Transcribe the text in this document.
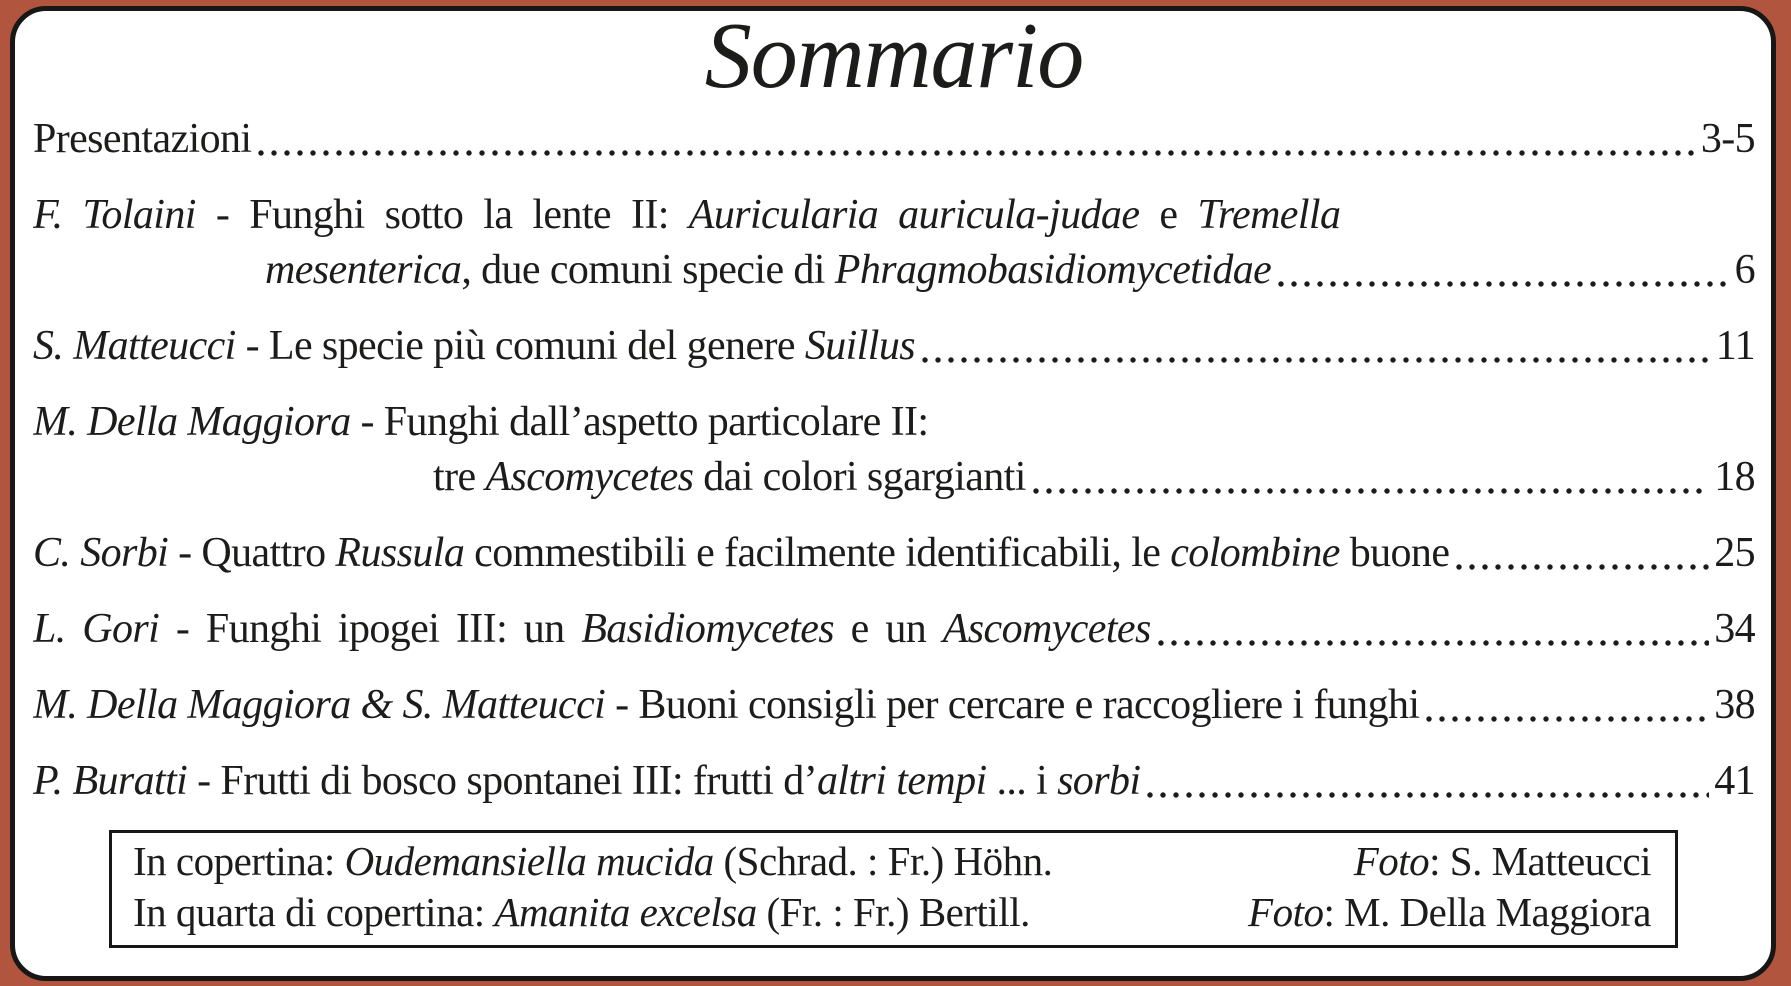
Sommario
Presentazioni	3-5
F. Tolaini - Funghi sotto la lente II: Auricularia auricula-judae e Tremella
mesenterica, due comuni specie di Phragmobasidiomycetidae	6
S. Matteucci - Le specie più comuni del genere Suillus	11
M. Della Maggiora - Funghi dall’aspetto particolare II:
tre Ascomycetes dai colori sgargianti	18
C. Sorbi - Quattro Russula commestibili e facilmente identificabili, le colombine buone	25
L. Gori - Funghi ipogei III: un Basidiomycetes e un Ascomycetes	34
M. Della Maggiora & S. Matteucci - Buoni consigli per cercare e raccogliere i funghi	38
P. Buratti - Frutti di bosco spontanei III: frutti d’altri tempi ... i sorbi	41
In copertina: Oudemansiella mucida (Schrad. : Fr.) Höhn.	Foto: S. Matteucci
In quarta di copertina: Amanita excelsa (Fr. : Fr.) Bertill.	Foto: M. Della Maggiora
